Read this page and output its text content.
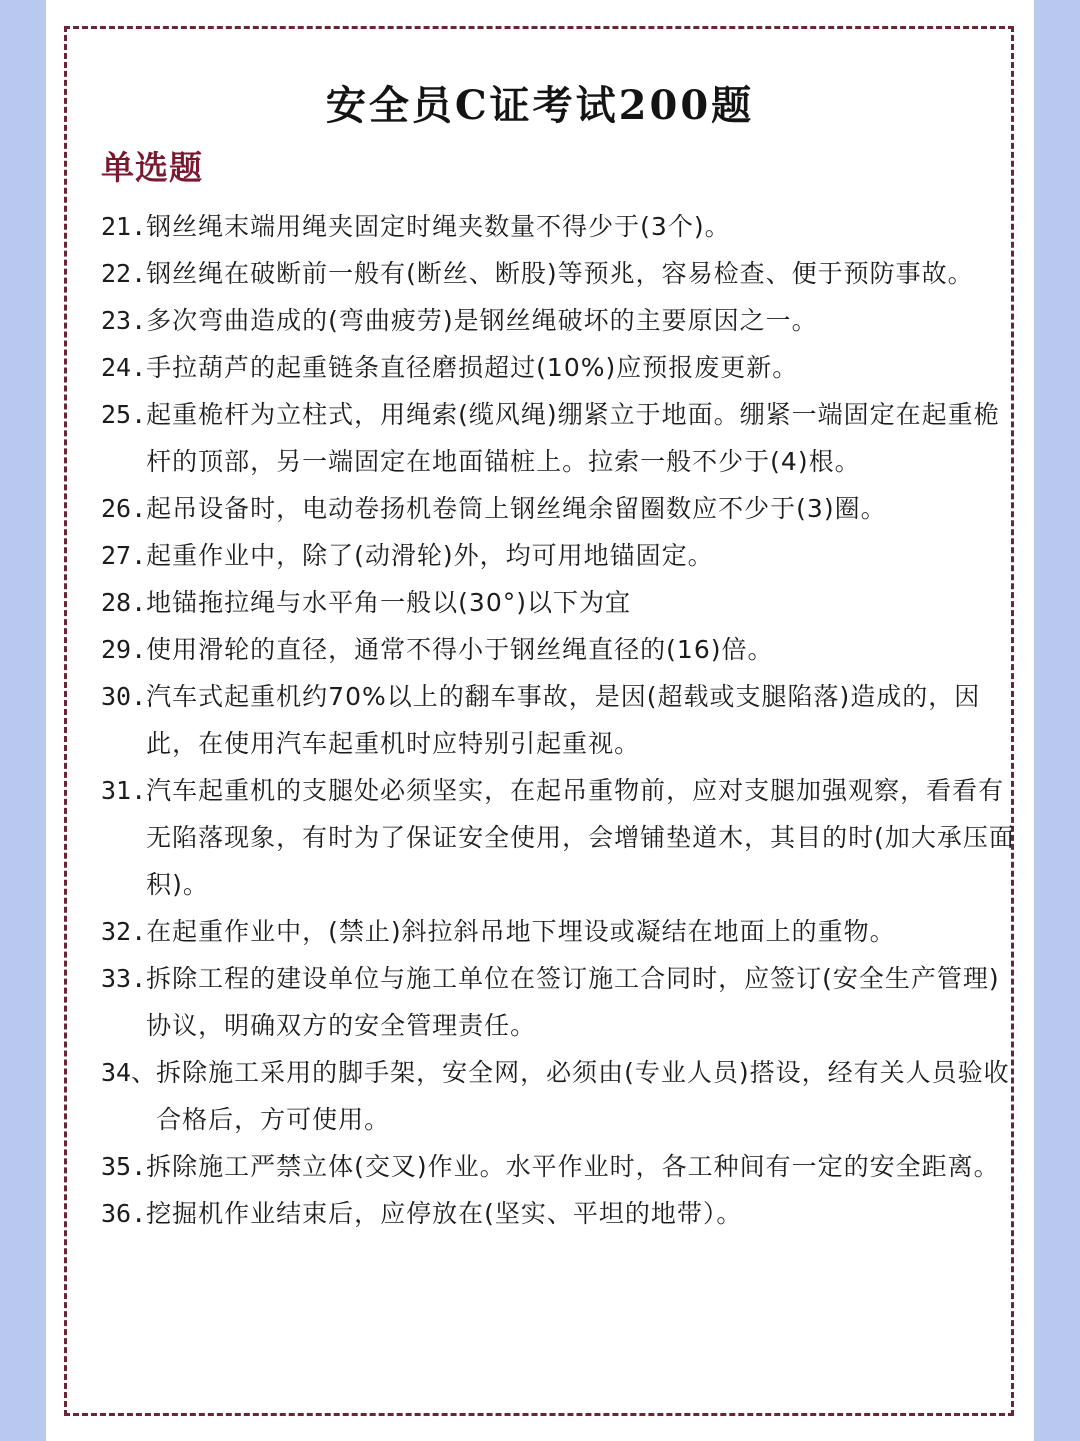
安全员C证考试200题
单选题
21. 钢丝绳末端用绳夹固定时绳夹数量不得少于(3个)。
22. 钢丝绳在破断前一般有(断丝、断股)等预兆，容易检查、便于预防事故。
23. 多次弯曲造成的(弯曲疲劳)是钢丝绳破坏的主要原因之一。
24. 手拉葫芦的起重链条直径磨损超过(10%)应预报废更新。
25. 起重桅杆为立柱式，用绳索(缆风绳)绷紧立于地面。绷紧一端固定在起重桅杆的顶部，另一端固定在地面锚桩上。拉索一般不少于(4)根。
26. 起吊设备时，电动卷扬机卷筒上钢丝绳余留圈数应不少于(3)圈。
27. 起重作业中，除了(动滑轮)外，均可用地锚固定。
28. 地锚拖拉绳与水平角一般以(30°)以下为宜
29. 使用滑轮的直径，通常不得小于钢丝绳直径的(16)倍。
30. 汽车式起重机约70%以上的翻车事故，是因(超载或支腿陷落)造成的，因此，在使用汽车起重机时应特别引起重视。
31. 汽车起重机的支腿处必须坚实，在起吊重物前，应对支腿加强观察，看看有无陷落现象，有时为了保证安全使用，会增铺垫道木，其目的时(加大承压面积)。
32. 在起重作业中，(禁止)斜拉斜吊地下埋设或凝结在地面上的重物。
33. 拆除工程的建设单位与施工单位在签订施工合同时，应签订(安全生产管理)协议，明确双方的安全管理责任。
34、 拆除施工采用的脚手架，安全网，必须由(专业人员)搭设，经有关人员验收合格后，方可使用。
35.拆除施工严禁立体(交叉)作业。水平作业时，各工种间有一定的安全距离。
36. 挖掘机作业结束后，应停放在(坚实、平坦的地带）。
